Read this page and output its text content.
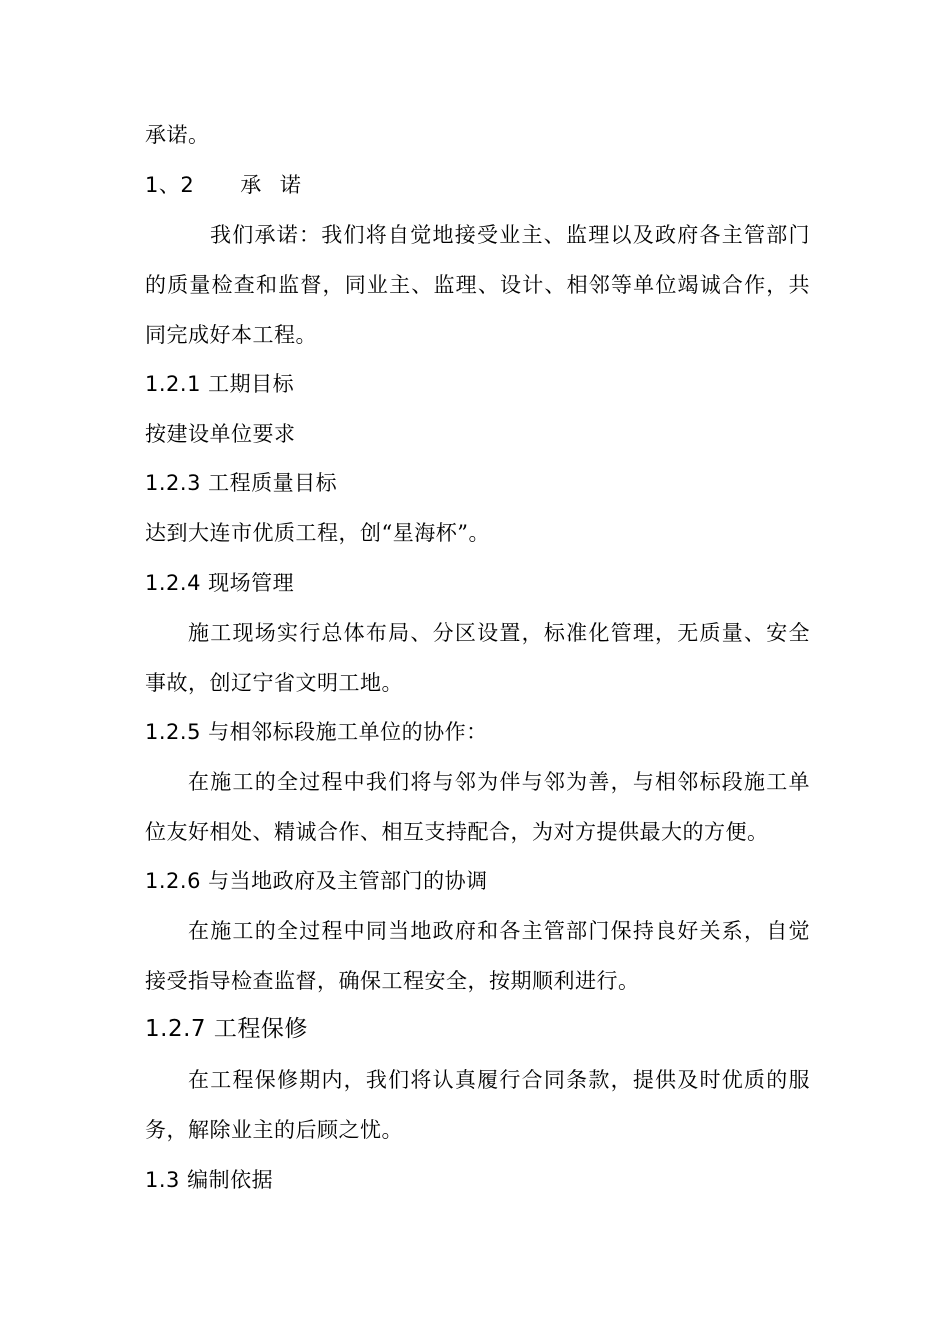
承诺。
1、2 承 诺
我们承诺：我们将自觉地接受业主、监理以及政府各主管部门
的质量检查和监督，同业主、监理、设计、相邻等单位竭诚合作，共
同完成好本工程。
1.2.1 工期目标
按建设单位要求
1.2.3 工程质量目标
达到大连市优质工程，创“星海杯”。
1.2.4 现场管理
施工现场实行总体布局、分区设置，标准化管理，无质量、安全
事故，创辽宁省文明工地。
1.2.5 与相邻标段施工单位的协作：
在施工的全过程中我们将与邻为伴与邻为善，与相邻标段施工单
位友好相处、精诚合作、相互支持配合，为对方提供最大的方便。
1.2.6 与当地政府及主管部门的协调
在施工的全过程中同当地政府和各主管部门保持良好关系，自觉
接受指导检查监督，确保工程安全，按期顺利进行。
1.2.7 工程保修
在工程保修期内，我们将认真履行合同条款，提供及时优质的服
务，解除业主的后顾之忧。
1.3 编制依据
